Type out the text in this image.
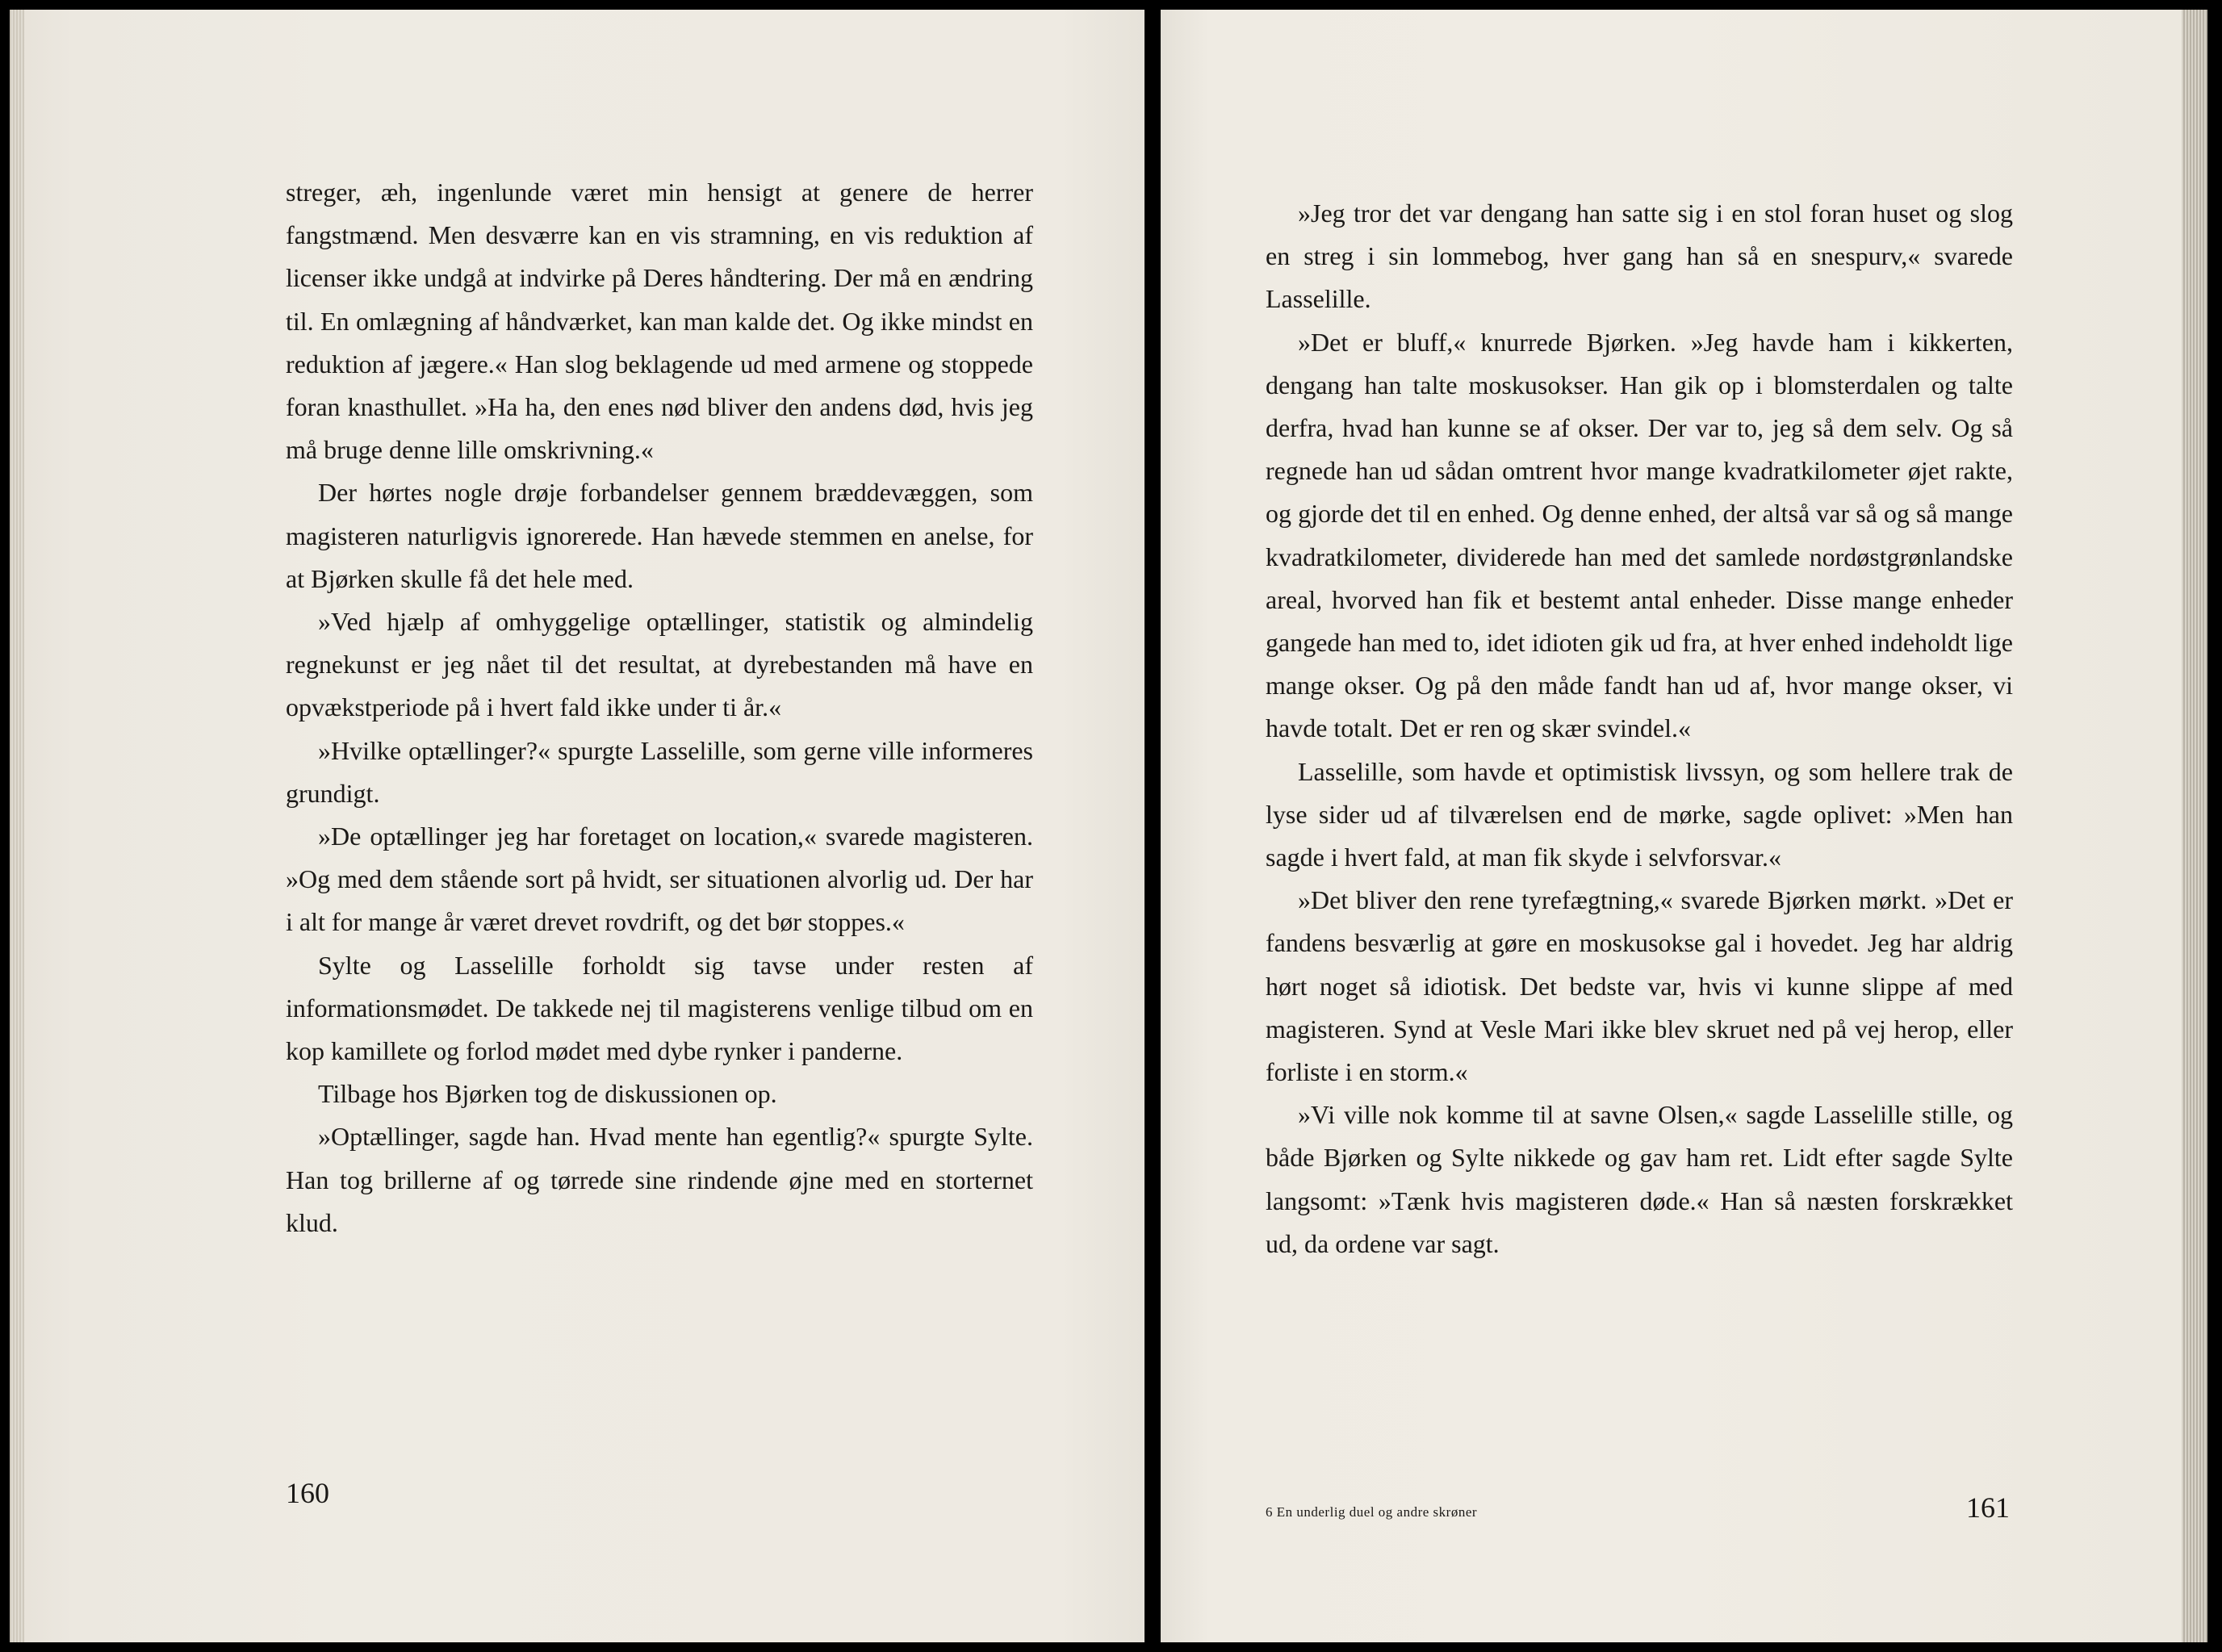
streger, æh, ingenlunde været min hensigt at genere de herrer fangstmænd. Men desværre kan en vis stramning, en vis reduktion af licenser ikke undgå at indvirke på Deres håndtering. Der må en ændring til. En omlægning af håndværket, kan man kalde det. Og ikke mindst en reduktion af jægere.« Han slog beklagende ud med armene og stoppede foran knasthullet. »Ha ha, den enes nød bliver den andens død, hvis jeg må bruge denne lille omskrivning.«

Der hørtes nogle drøje forbandelser gennem bræddevæggen, som magisteren naturligvis ignorerede. Han hævede stemmen en anelse, for at Bjørken skulle få det hele med.

»Ved hjælp af omhyggelige optællinger, statistik og almindelig regnekunst er jeg nået til det resultat, at dyrebestanden må have en opvækstperiode på i hvert fald ikke under ti år.«

»Hvilke optællinger?« spurgte Lasselille, som gerne ville informeres grundigt.

»De optællinger jeg har foretaget on location,« svarede magisteren. »Og med dem stående sort på hvidt, ser situationen alvorlig ud. Der har i alt for mange år været drevet rovdrift, og det bør stoppes.«

Sylte og Lasselille forholdt sig tavse under resten af informationsmødet. De takkede nej til magisterens venlige tilbud om en kop kamillete og forlod mødet med dybe rynker i panderne.

Tilbage hos Bjørken tog de diskussionen op.

»Optællinger, sagde han. Hvad mente han egentlig?« spurgte Sylte. Han tog brillerne af og tørrede sine rindende øjne med en storternet klud.

160

»Jeg tror det var dengang han satte sig i en stol foran huset og slog en streg i sin lommebog, hver gang han så en snespurv,« svarede Lasselille.

»Det er bluff,« knurrede Bjørken. »Jeg havde ham i kikkerten, dengang han talte moskusokser. Han gik op i blomsterdalen og talte derfra, hvad han kunne se af okser. Der var to, jeg så dem selv. Og så regnede han ud sådan omtrent hvor mange kvadratkilometer øjet rakte, og gjorde det til en enhed. Og denne enhed, der altså var så og så mange kvadratkilometer, dividerede han med det samlede nordøstgrønlandske areal, hvorved han fik et bestemt antal enheder. Disse mange enheder gangede han med to, idet idioten gik ud fra, at hver enhed indeholdt lige mange okser. Og på den måde fandt han ud af, hvor mange okser, vi havde totalt. Det er ren og skær svindel.«

Lasselille, som havde et optimistisk livssyn, og som hellere trak de lyse sider ud af tilværelsen end de mørke, sagde oplivet: »Men han sagde i hvert fald, at man fik skyde i selvforsvar.«

»Det bliver den rene tyrefægtning,« svarede Bjørken mørkt. »Det er fandens besværlig at gøre en moskusokse gal i hovedet. Jeg har aldrig hørt noget så idiotisk. Det bedste var, hvis vi kunne slippe af med magisteren. Synd at Vesle Mari ikke blev skruet ned på vej herop, eller forliste i en storm.«

»Vi ville nok komme til at savne Olsen,« sagde Lasselille stille, og både Bjørken og Sylte nikkede og gav ham ret. Lidt efter sagde Sylte langsomt: »Tænk hvis magisteren døde.« Han så næsten forskrækket ud, da ordene var sagt.

6 En underlig duel og andre skrøner	161
